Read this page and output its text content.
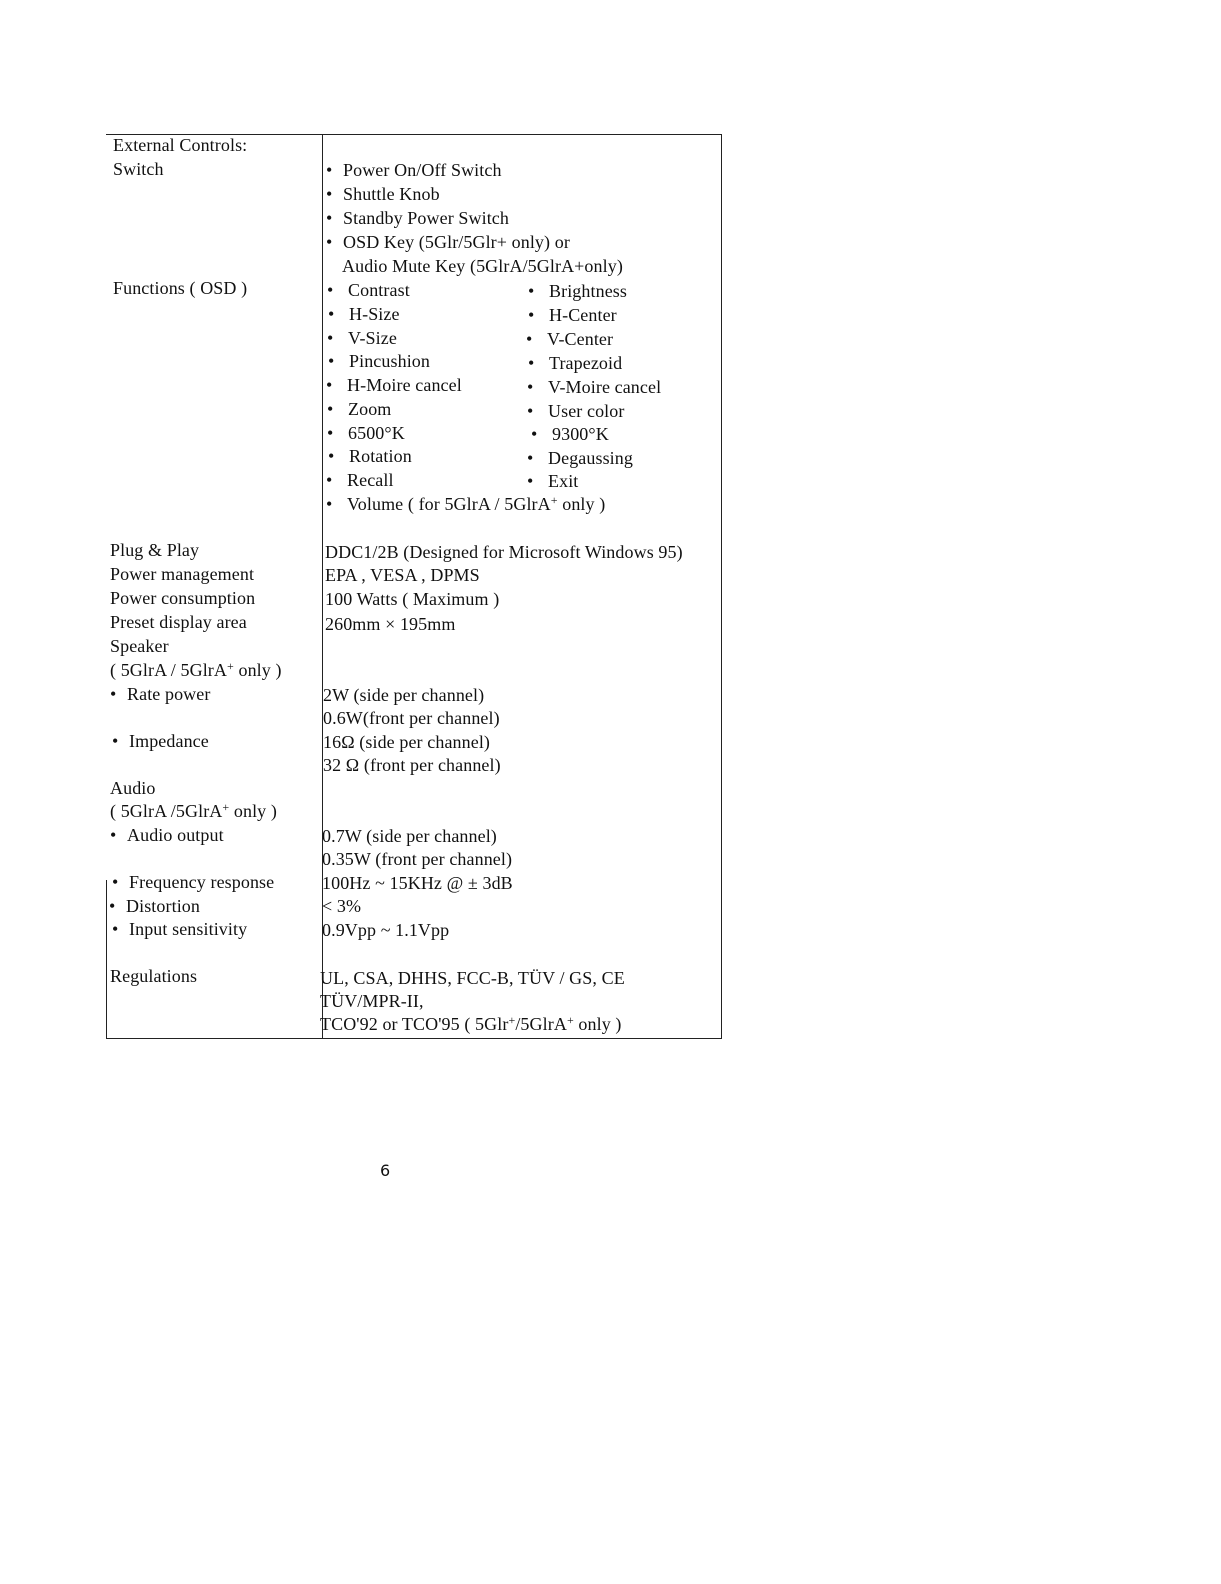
External Controls:
Switch
Functions ( OSD )
Plug & Play
Power management
Power consumption
Preset display area
Speaker
( 5GlrA / 5GlrA+ only )
• Rate power
• Impedance
Audio
( 5GlrA /5GlrA+ only )
• Audio output
• Frequency response
• Distortion
• Input sensitivity
Regulations
• Power On/Off Switch
• Shuttle Knob
• Standby Power Switch
• OSD Key (5Glr/5Glr+ only) or
Audio Mute Key (5GlrA/5GlrA+only)
• Contrast
• H-Size
• V-Size
• Pincushion
• H-Moire cancel
• Zoom
• 6500°K
• Rotation
• Recall
• Brightness
• H-Center
• V-Center
• Trapezoid
• V-Moire cancel
• User color
• 9300°K
• Degaussing
• Exit
• Volume ( for 5GlrA / 5GlrA+ only )
DDC1/2B (Designed for Microsoft Windows 95)
EPA , VESA , DPMS
100 Watts ( Maximum )
260mm × 195mm
2W (side per channel)
0.6W(front per channel)
16Ω (side per channel)
32 Ω (front per channel)
0.7W (side per channel)
0.35W (front per channel)
100Hz ~ 15KHz @ ± 3dB
< 3%
0.9Vpp ~ 1.1Vpp
UL, CSA, DHHS, FCC-B, TÜV / GS, CE
TÜV/MPR-II,
TCO'92 or TCO'95 ( 5Glr+/5GlrA+ only )
6
